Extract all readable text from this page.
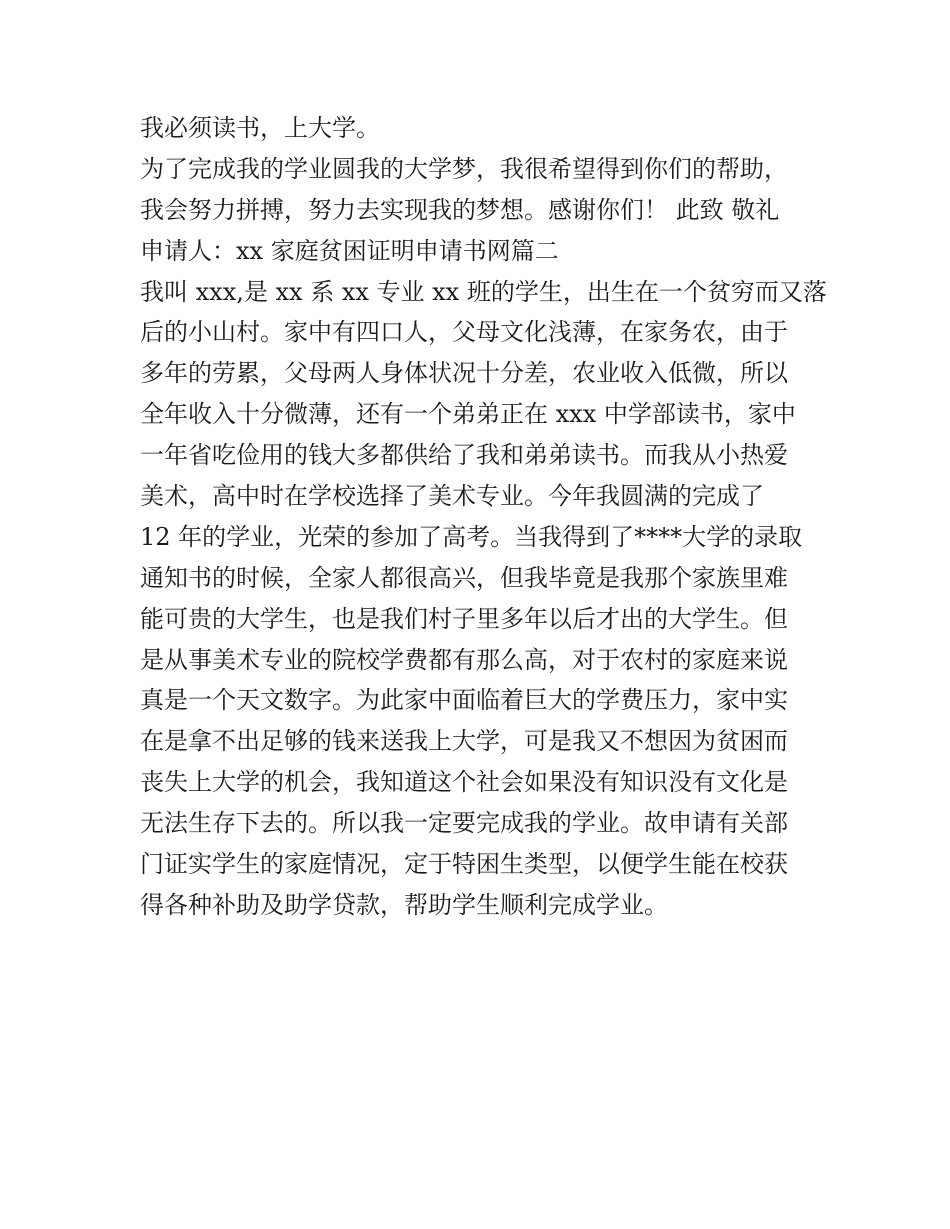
我必须读书，上大学。
为了完成我的学业圆我的大学梦，我很希望得到你们的帮助，
我会努力拼搏，努力去实现我的梦想。感谢你们！ 此致 敬礼
申请人：xx 家庭贫困证明申请书网篇二
我叫 xxx,是 xx 系 xx 专业 xx 班的学生，出生在一个贫穷而又落
后的小山村。家中有四口人，父母文化浅薄，在家务农，由于
多年的劳累，父母两人身体状况十分差，农业收入低微，所以
全年收入十分微薄，还有一个弟弟正在 xxx 中学部读书，家中
一年省吃俭用的钱大多都供给了我和弟弟读书。而我从小热爱
美术，高中时在学校选择了美术专业。今年我圆满的完成了
12 年的学业，光荣的参加了高考。当我得到了****大学的录取
通知书的时候，全家人都很高兴，但我毕竟是我那个家族里难
能可贵的大学生，也是我们村子里多年以后才出的大学生。但
是从事美术专业的院校学费都有那么高，对于农村的家庭来说
真是一个天文数字。为此家中面临着巨大的学费压力，家中实
在是拿不出足够的钱来送我上大学，可是我又不想因为贫困而
丧失上大学的机会，我知道这个社会如果没有知识没有文化是
无法生存下去的。所以我一定要完成我的学业。故申请有关部
门证实学生的家庭情况，定于特困生类型，以便学生能在校获
得各种补助及助学贷款，帮助学生顺利完成学业。
